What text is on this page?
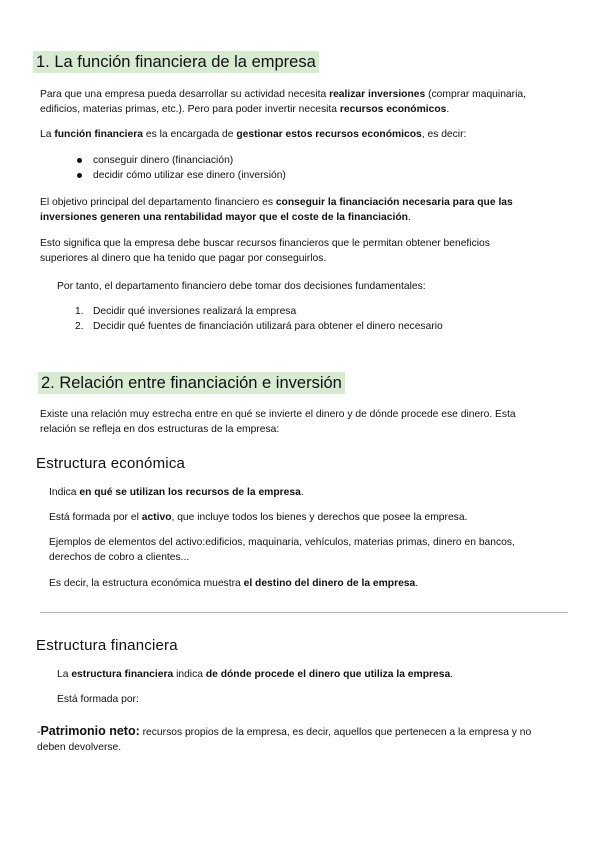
1. La función financiera de la empresa

Para que una empresa pueda desarrollar su actividad necesita realizar inversiones (comprar maquinaria,
edificios, materias primas, etc.). Pero para poder invertir necesita recursos económicos.

La función financiera es la encargada de gestionar estos recursos económicos, es decir:

conseguir dinero (financiación)
decidir cómo utilizar ese dinero (inversión)

El objetivo principal del departamento financiero es conseguir la financiación necesaria para que las
inversiones generen una rentabilidad mayor que el coste de la financiación.

Esto significa que la empresa debe buscar recursos financieros que le permitan obtener beneficios
superiores al dinero que ha tenido que pagar por conseguirlos.

Por tanto, el departamento financiero debe tomar dos decisiones fundamentales:

1. Decidir qué inversiones realizará la empresa
2. Decidir qué fuentes de financiación utilizará para obtener el dinero necesario
2. Relación entre financiación e inversión

Existe una relación muy estrecha entre en qué se invierte el dinero y de dónde procede ese dinero. Esta
relación se refleja en dos estructuras de la empresa:

Estructura económica

Indica en qué se utilizan los recursos de la empresa.

Está formada por el activo, que incluye todos los bienes y derechos que posee la empresa.

Ejemplos de elementos del activo:edificios, maquinaria, vehículos, materias primas, dinero en bancos,
derechos de cobro a clientes...

Es decir, la estructura económica muestra el destino del dinero de la empresa.

Estructura financiera

La estructura financiera indica de dónde procede el dinero que utiliza la empresa.

Está formada por:

-Patrimonio neto: recursos propios de la empresa, es decir, aquellos que pertenecen a la empresa y no
deben devolverse.
